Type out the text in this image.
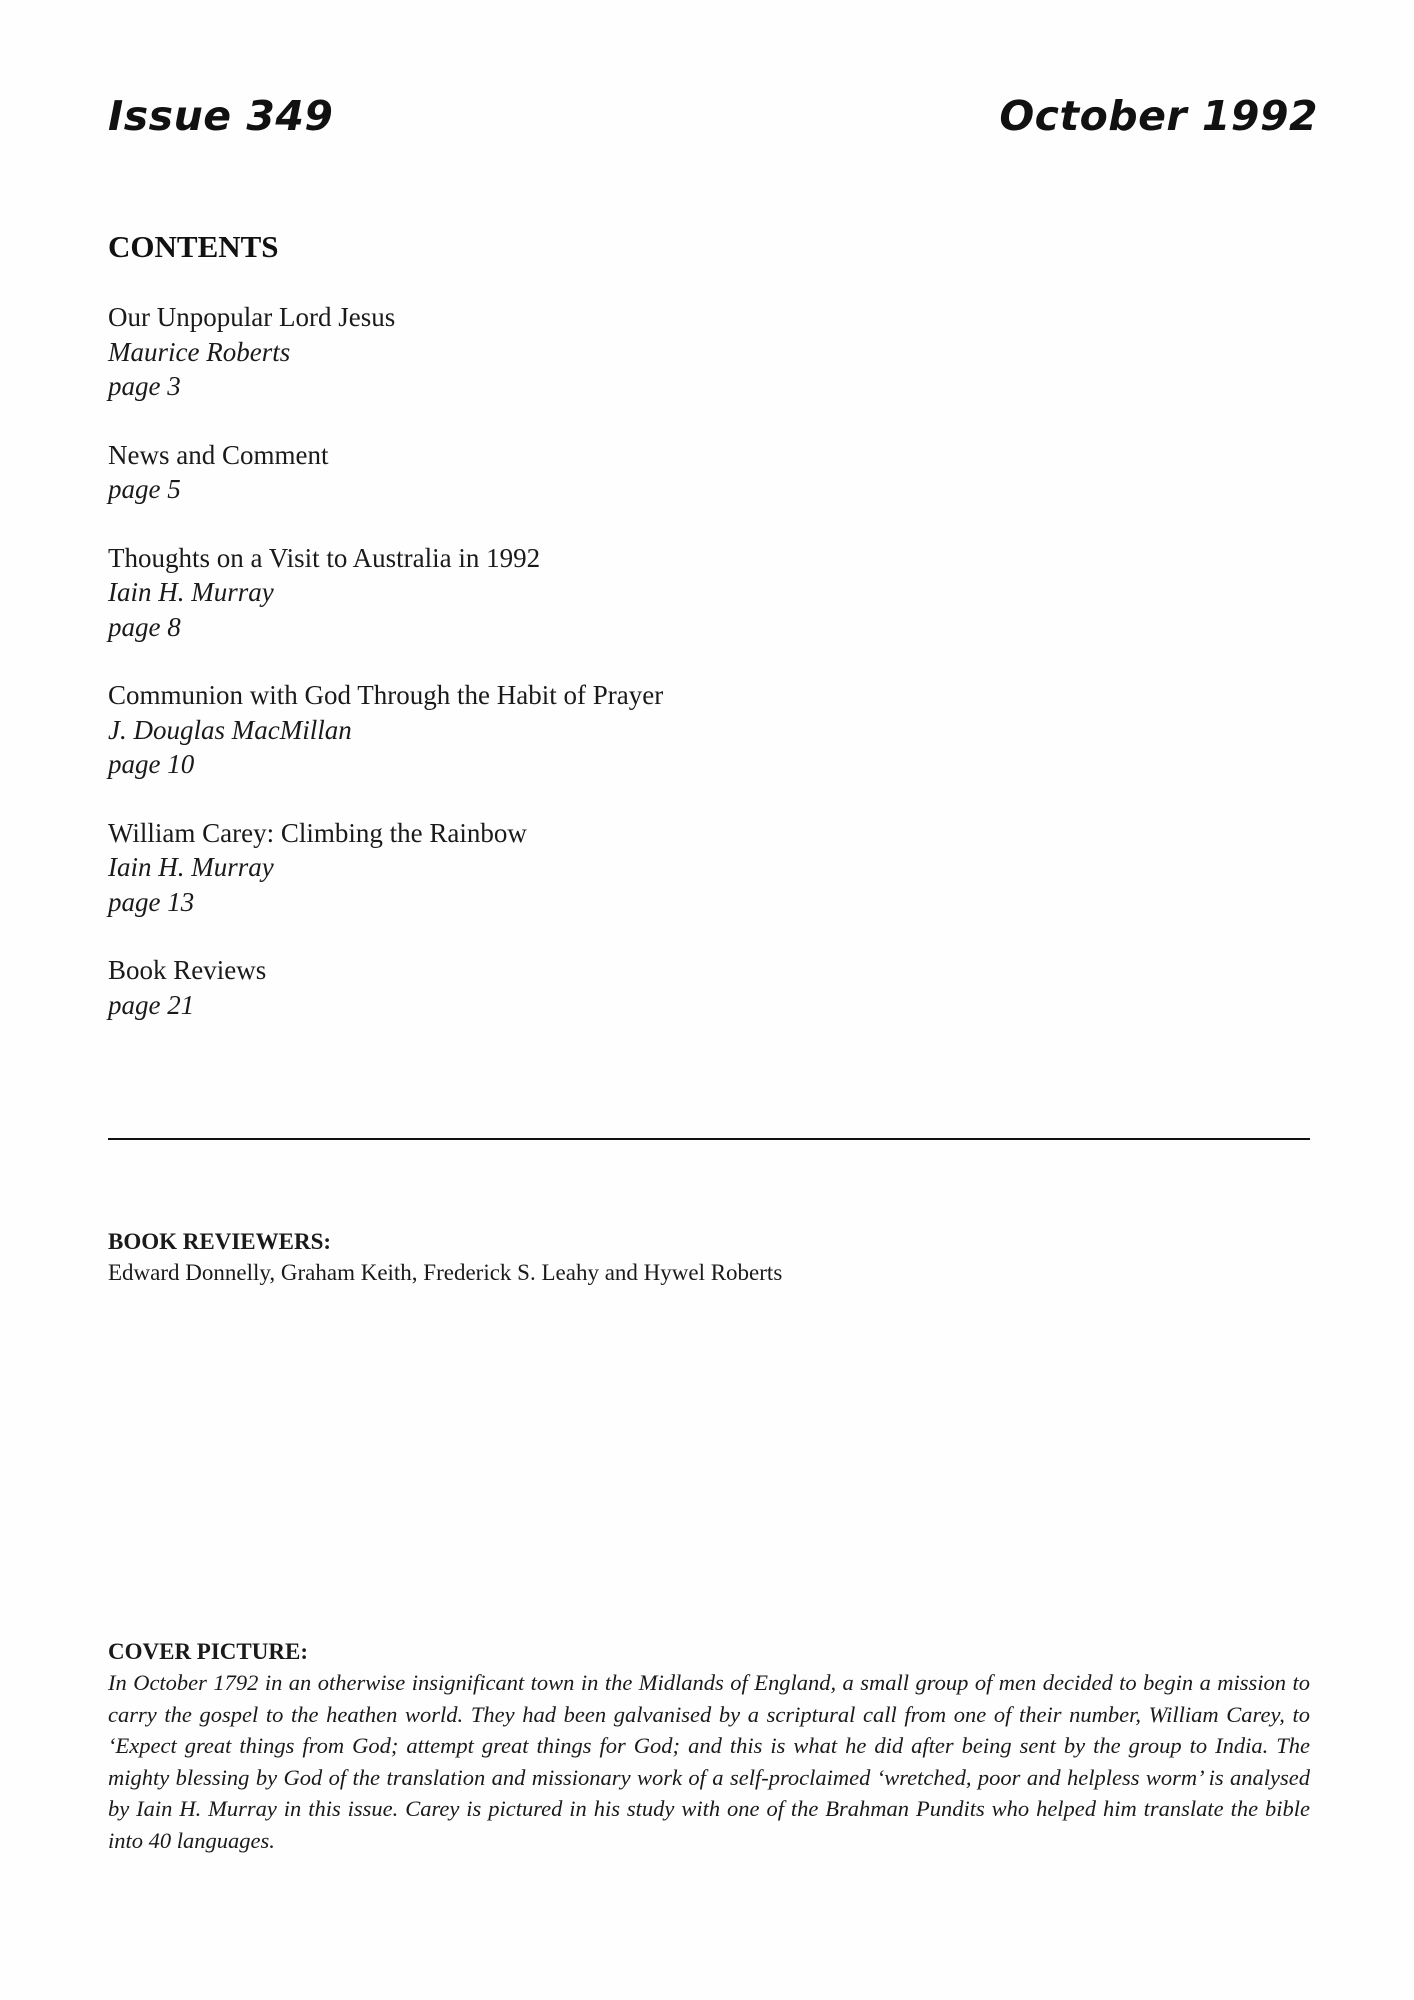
Issue 349	October 1992
CONTENTS
Our Unpopular Lord Jesus
Maurice Roberts
page 3
News and Comment
page 5
Thoughts on a Visit to Australia in 1992
Iain H. Murray
page 8
Communion with God Through the Habit of Prayer
J. Douglas MacMillan
page 10
William Carey: Climbing the Rainbow
Iain H. Murray
page 13
Book Reviews
page 21
BOOK REVIEWERS:
Edward Donnelly, Graham Keith, Frederick S. Leahy and Hywel Roberts
COVER PICTURE:
In October 1792 in an otherwise insignificant town in the Midlands of England, a small group of men decided to begin a mission to carry the gospel to the heathen world. They had been galvanised by a scriptural call from one of their number, William Carey, to ‘Expect great things from God; attempt great things for God; and this is what he did after being sent by the group to India. The mighty blessing by God of the translation and missionary work of a self-proclaimed ‘wretched, poor and helpless worm’ is analysed by Iain H. Murray in this issue. Carey is pictured in his study with one of the Brahman Pundits who helped him translate the bible into 40 languages.
